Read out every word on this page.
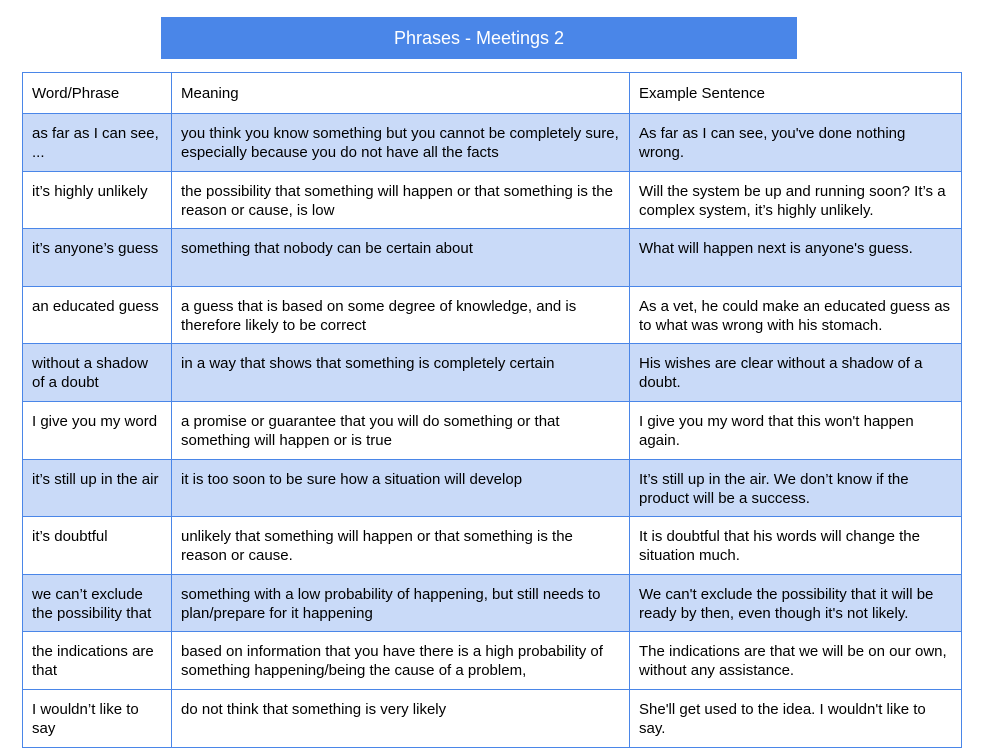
Phrases - Meetings 2
Word/Phrase	Meaning	Example Sentence
as far as I can see, ...	you think you know something but you cannot be completely sure, especially because you do not have all the facts	As far as I can see, you've done nothing wrong.
it’s highly unlikely	the possibility that something will happen or that something is the reason or cause, is low	Will the system be up and running soon? It’s a complex system, it’s highly unlikely.
it’s anyone’s guess	something that nobody can be certain about	What will happen next is anyone's guess.
an educated guess	a guess that is based on some degree of knowledge, and is therefore likely to be correct	As a vet, he could make an educated guess as to what was wrong with his stomach.
without a shadow of a doubt	in a way that shows that something is completely certain	His wishes are clear without a shadow of a doubt.
I give you my word	a promise or guarantee that you will do something or that something will happen or is true	I give you my word that this won't happen again.
it’s still up in the air	it is too soon to be sure how a situation will develop	It’s still up in the air. We don’t know if the product will be a success.
it’s doubtful	unlikely that something will happen or that something is the reason or cause.	It is doubtful that his words will change the situation much.
we can’t exclude the possibility that	something with a low probability of happening, but still needs to plan/prepare for it happening	We can't exclude the possibility that it will be ready by then, even though it's not likely.
the indications are that	based on information that you have there is a high probability of something happening/being the cause of a problem,	The indications are that we will be on our own, without any assistance.
I wouldn’t like to say	do not think that something is very likely	She'll get used to the idea. I wouldn't like to say.
